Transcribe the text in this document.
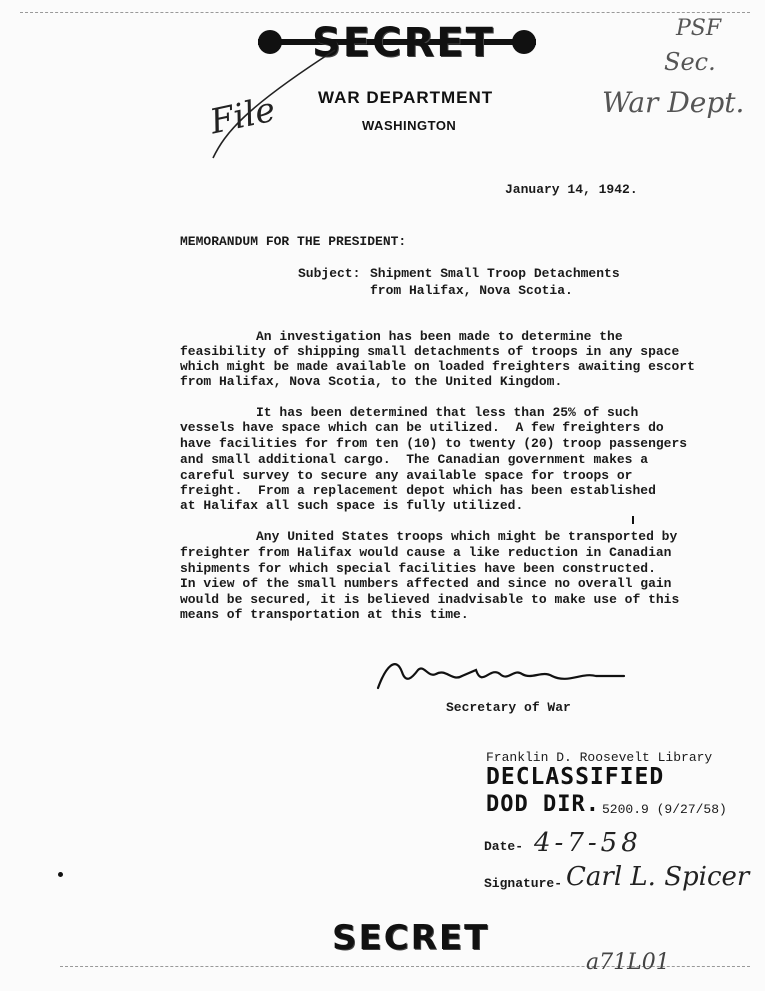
SECRET
File
PSF
Sec.
War Dept.
WAR DEPARTMENT
WASHINGTON
January 14, 1942.
MEMORANDUM FOR THE PRESIDENT:
Subject: Shipment Small Troop Detachments
from Halifax, Nova Scotia.
An investigation has been made to determine the
feasibility of shipping small detachments of troops in any space
which might be made available on loaded freighters awaiting escort
from Halifax, Nova Scotia, to the United Kingdom.
It has been determined that less than 25% of such
vessels have space which can be utilized.  A few freighters do
have facilities for from ten (10) to twenty (20) troop passengers
and small additional cargo.  The Canadian government makes a
careful survey to secure any available space for troops or
freight.  From a replacement depot which has been established
at Halifax all such space is fully utilized.
Any United States troops which might be transported by
freighter from Halifax would cause a like reduction in Canadian
shipments for which special facilities have been constructed.
In view of the small numbers affected and since no overall gain
would be secured, it is believed inadvisable to make use of this
means of transportation at this time.
Secretary of War
Franklin D. Roosevelt Library
DECLASSIFIED
DOD DIR. 5200.9 (9/27/58)
Date- 4-7-58
Signature- Carl L. Spicer
SECRET
a71L01
